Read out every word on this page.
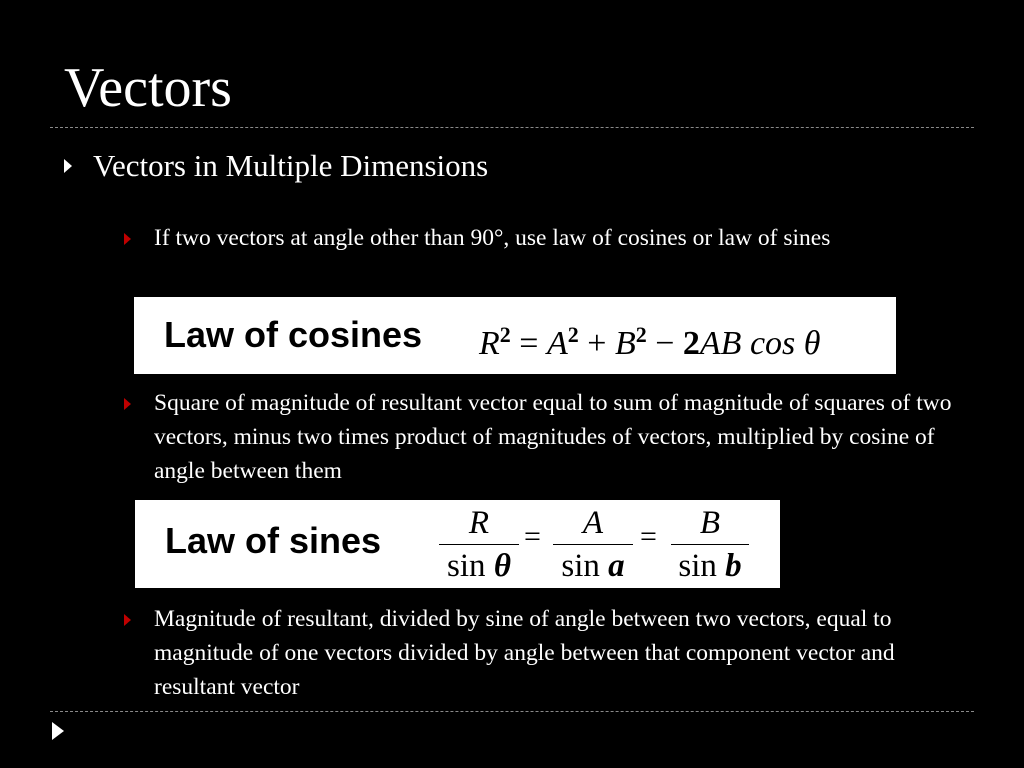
Vectors
Vectors in Multiple Dimensions
If two vectors at angle other than 90°, use law of cosines or law of sines
Law of cosines $R^2 = A^2 + B^2 - 2AB$ cos θ
Square of magnitude of resultant vector equal to sum of magnitude of squares of two vectors, minus two times product of magnitudes of vectors, multiplied by cosine of angle between them
Law of sines	R
sin θ
=	A
sin a
=	B
sin b
Magnitude of resultant, divided by sine of angle between two vectors, equal to magnitude of one vectors divided by angle between that component vector and resultant vector
